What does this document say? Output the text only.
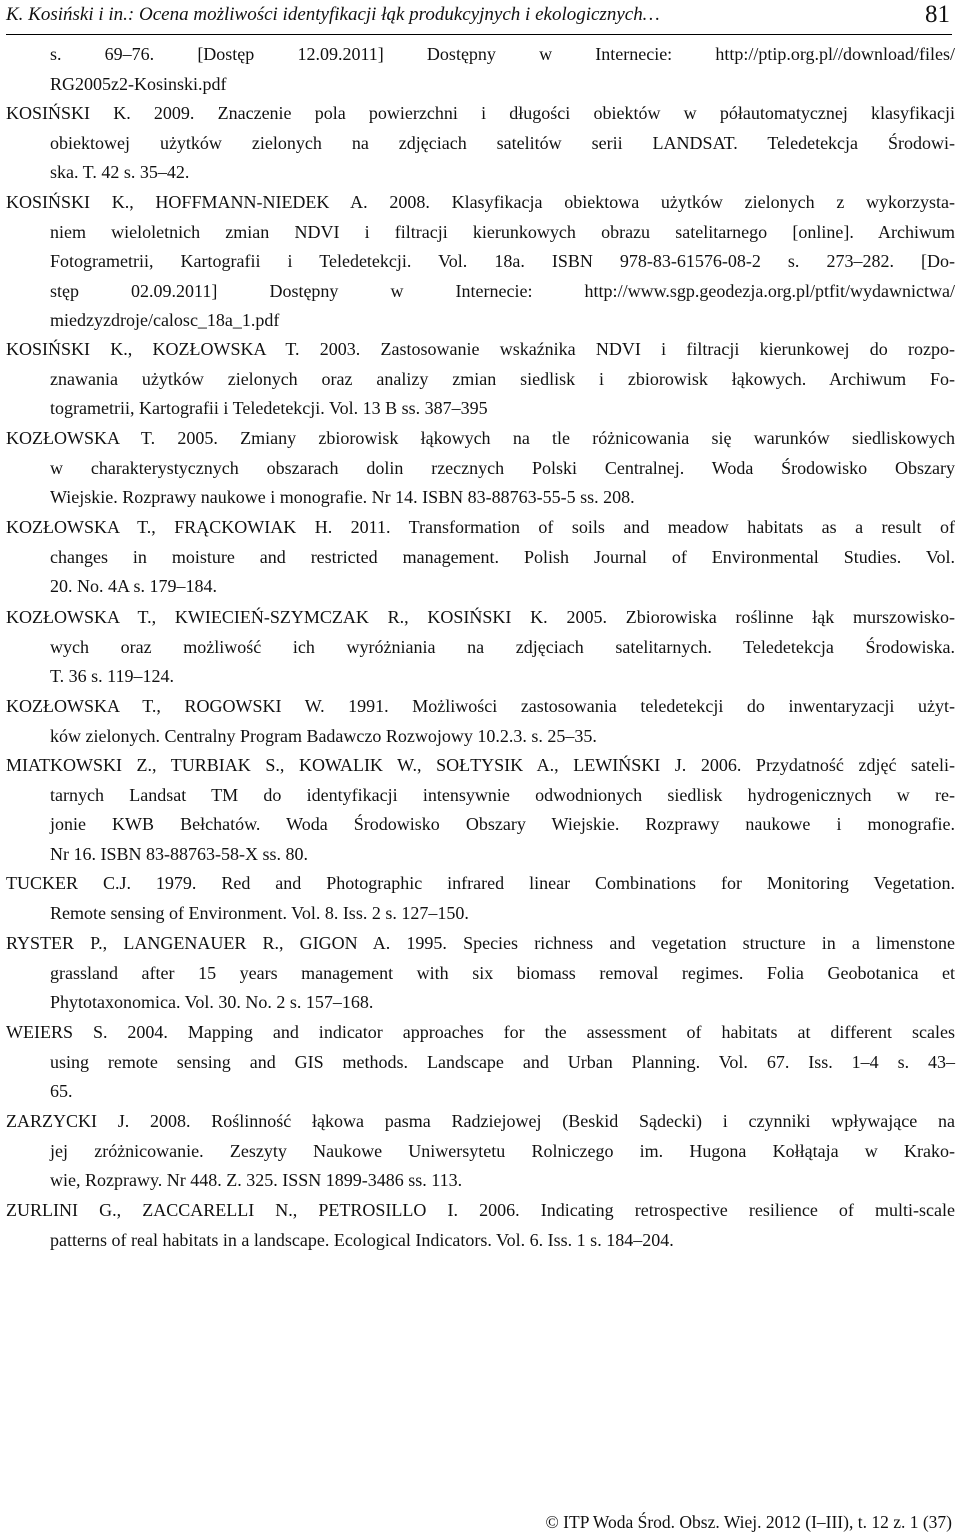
K. Kosiński i in.: Ocena możliwości identyfikacji łąk produkcyjnych i ekologicznych…	81
s. 69–76. [Dostęp 12.09.2011] Dostępny w Internecie: http://ptip.org.pl//download/files/
RG2005z2-Kosinski.pdf
KOSIŃSKI K. 2009. Znaczenie pola powierzchni i długości obiektów w półautomatycznej klasyfikacji
obiektowej użytków zielonych na zdjęciach satelitów serii LANDSAT. Teledetekcja Środowi-
ska. T. 42 s. 35–42.
KOSIŃSKI K., HOFFMANN-NIEDEK A. 2008. Klasyfikacja obiektowa użytków zielonych z wykorzysta-
niem wieloletnich zmian NDVI i filtracji kierunkowych obrazu satelitarnego [online]. Archiwum
Fotogrametrii, Kartografii i Teledetekcji. Vol. 18a. ISBN 978-83-61576-08-2 s. 273–282. [Do-
stęp 02.09.2011] Dostępny w Internecie: http://www.sgp.geodezja.org.pl/ptfit/wydawnictwa/
miedzyzdroje/calosc_18a_1.pdf
KOSIŃSKI K., KOZŁOWSKA T. 2003. Zastosowanie wskaźnika NDVI i filtracji kierunkowej do rozpo-
znawania użytków zielonych oraz analizy zmian siedlisk i zbiorowisk łąkowych. Archiwum Fo-
togrametrii, Kartografii i Teledetekcji. Vol. 13 B ss. 387–395
KOZŁOWSKA T. 2005. Zmiany zbiorowisk łąkowych na tle różnicowania się warunków siedliskowych
w charakterystycznych obszarach dolin rzecznych Polski Centralnej. Woda Środowisko Obszary
Wiejskie. Rozprawy naukowe i monografie. Nr 14. ISBN 83-88763-55-5 ss. 208.
KOZŁOWSKA T., FRĄCKOWIAK H. 2011. Transformation of soils and meadow habitats as a result of
changes in moisture and restricted management. Polish Journal of Environmental Studies. Vol.
20. No. 4A s. 179–184.
KOZŁOWSKA T., KWIECIEŃ-SZYMCZAK R., KOSIŃSKI K. 2005. Zbiorowiska roślinne łąk murszowisko-
wych oraz możliwość ich wyróżniania na zdjęciach satelitarnych. Teledetekcja Środowiska.
T. 36 s. 119–124.
KOZŁOWSKA T., ROGOWSKI W. 1991. Możliwości zastosowania teledetekcji do inwentaryzacji użyt-
ków zielonych. Centralny Program Badawczo Rozwojowy 10.2.3. s. 25–35.
MIATKOWSKI Z., TURBIAK S., KOWALIK W., SOŁTYSIK A., LEWIŃSKI J. 2006. Przydatność zdjęć sateli-
tarnych Landsat TM do identyfikacji intensywnie odwodnionych siedlisk hydrogenicznych w re-
jonie KWB Bełchatów. Woda Środowisko Obszary Wiejskie. Rozprawy naukowe i monografie.
Nr 16. ISBN 83-88763-58-X ss. 80.
TUCKER C.J. 1979. Red and Photographic infrared linear Combinations for Monitoring Vegetation.
Remote sensing of Environment. Vol. 8. Iss. 2 s. 127–150.
RYSTER P., LANGENAUER R., GIGON A. 1995. Species richness and vegetation structure in a limenstone
grassland after 15 years management with six biomass removal regimes. Folia Geobotanica et
Phytotaxonomica. Vol. 30. No. 2 s. 157–168.
WEIERS S. 2004. Mapping and indicator approaches for the assessment of habitats at different scales
using remote sensing and GIS methods. Landscape and Urban Planning. Vol. 67. Iss. 1–4 s. 43–
65.
ZARZYCKI J. 2008. Roślinność łąkowa pasma Radziejowej (Beskid Sądecki) i czynniki wpływające na
jej zróżnicowanie. Zeszyty Naukowe Uniwersytetu Rolniczego im. Hugona Kołłątaja w Krako-
wie, Rozprawy. Nr 448. Z. 325. ISSN 1899-3486 ss. 113.
ZURLINI G., ZACCARELLI N., PETROSILLO I. 2006. Indicating retrospective resilience of multi-scale
patterns of real habitats in a landscape. Ecological Indicators. Vol. 6. Iss. 1 s. 184–204.
© ITP Woda Środ. Obsz. Wiej. 2012 (I–III), t. 12 z. 1 (37)
